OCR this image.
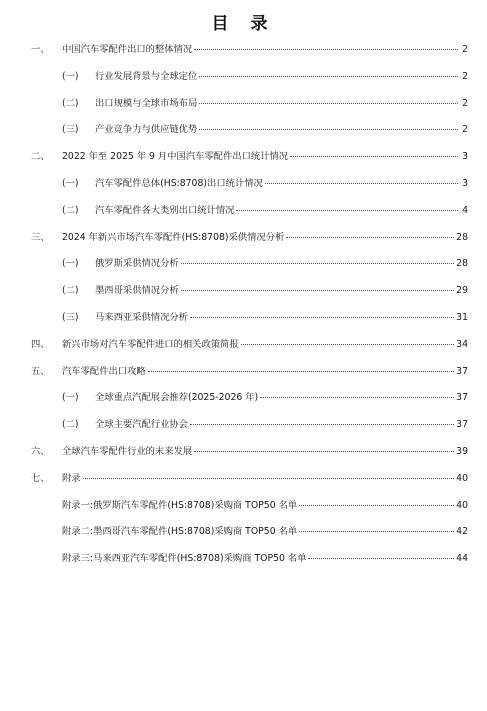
目 录
一、	中国汽车零配件出口的整体情况	2
(一)	行业发展背景与全球定位	2
(二)	出口规模与全球市场布局	2
(三)	产业竞争力与供应链优势	2
二、	2022 年至 2025 年 9 月中国汽车零配件出口统计情况	3
(一)	汽车零配件总体(HS:8708)出口统计情况	3
(二)	汽车零配件各大类别出口统计情况	4
三、	2024 年新兴市场汽车零配件(HS:8708)采供情况分析	28
(一)	俄罗斯采供情况分析	28
(二)	墨西哥采供情况分析	29
(三)	马来西亚采供情况分析	31
四、	新兴市场对汽车零配件进口的相关政策简报	34
五、	汽车零配件出口攻略	37
(一)	全球重点汽配展会推荐(2025-2026 年)	37
(二)	全球主要汽配行业协会	37
六、	全球汽车零配件行业的未来发展	39
七、	附录	40
附录一:俄罗斯汽车零配件(HS:8708)采购商 TOP50 名单	40
附录二:墨西哥汽车零配件(HS:8708)采购商 TOP50 名单	42
附录三:马来西亚汽车零配件(HS:8708)采购商 TOP50 名单	44
